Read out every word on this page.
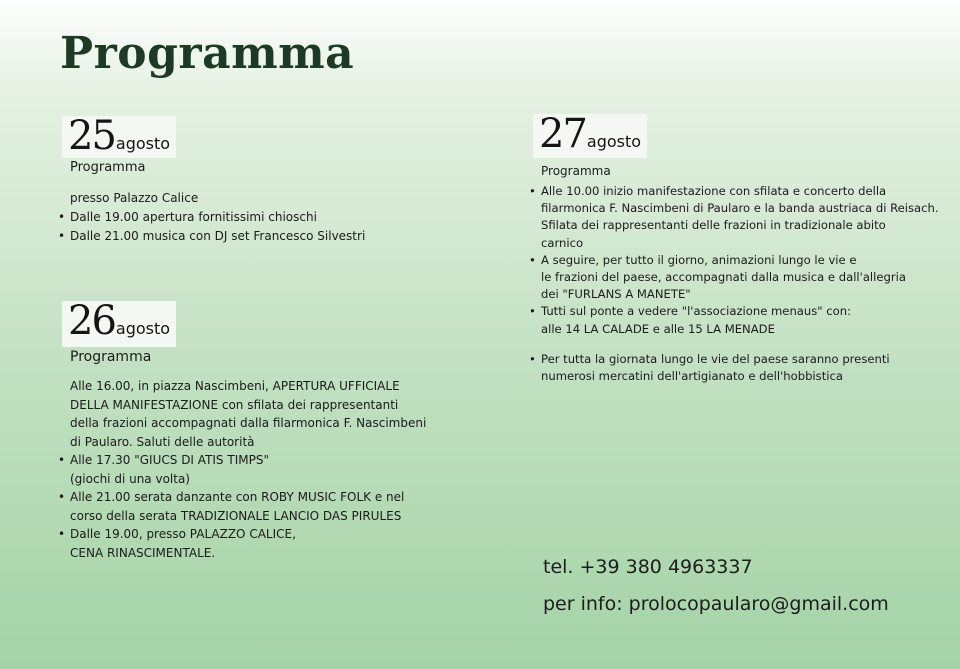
Programma
25agosto
Programma
presso Palazzo Calice
• Dalle 19.00 apertura fornitissimi chioschi
• Dalle 21.00 musica con DJ set Francesco Silvestri
26agosto
Programma
Alle 16.00, in piazza Nascimbeni, APERTURA UFFICIALE
DELLA MANIFESTAZIONE con sfilata dei rappresentanti
della frazioni accompagnati dalla filarmonica F. Nascimbeni
di Paularo. Saluti delle autorità
• Alle 17.30 "GIUCS DI ATIS TIMPS"
(giochi di una volta)
• Alle 21.00 serata danzante con ROBY MUSIC FOLK e nel
corso della serata TRADIZIONALE LANCIO DAS PIRULES
• Dalle 19.00, presso PALAZZO CALICE,
CENA RINASCIMENTALE.
27agosto
Programma
• Alle 10.00 inizio manifestazione con sfilata e concerto della
filarmonica F. Nascimbeni di Paularo e la banda austriaca di Reisach.
Sfilata dei rappresentanti delle frazioni in tradizionale abito
carnico
• A seguire, per tutto il giorno, animazioni lungo le vie e
le frazioni del paese, accompagnati dalla musica e dall'allegria
dei "FURLANS A MANETE"
• Tutti sul ponte a vedere "l'associazione menaus" con:
alle 14 LA CALADE e alle 15 LA MENADE
• Per tutta la giornata lungo le vie del paese saranno presenti
numerosi mercatini dell'artigianato e dell'hobbistica
tel. +39 380 4963337
per info: prolocopaularo@gmail.com
